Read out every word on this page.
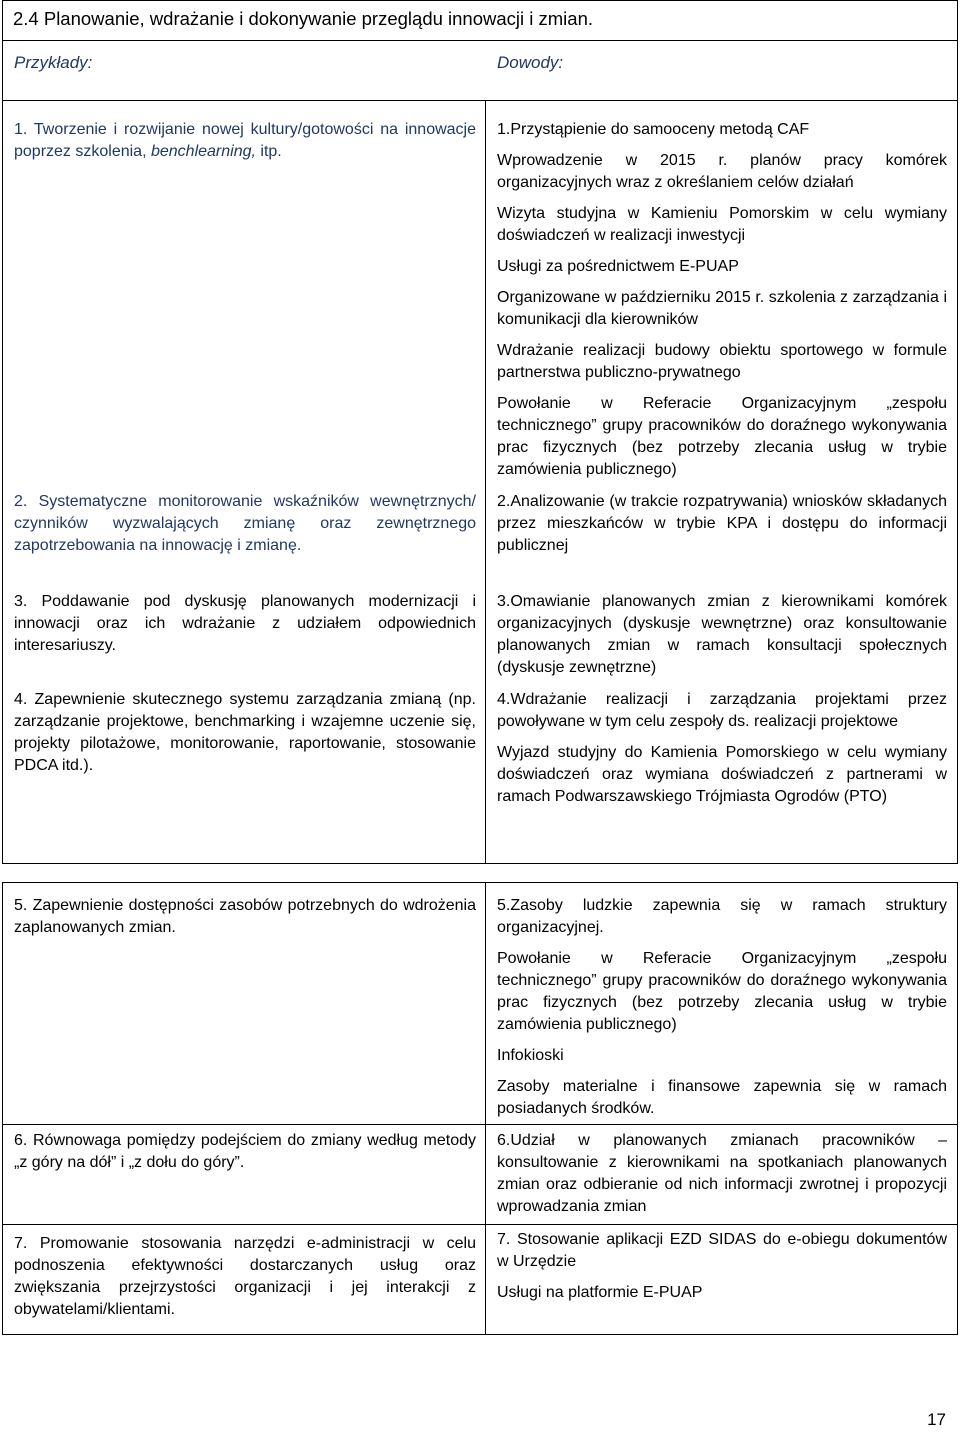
2.4 Planowanie, wdrażanie i dokonywanie przeglądu innowacji i zmian.
Przykłady:	Dowody:

1. Tworzenie i rozwijanie nowej kultury/gotowości na innowacje poprzez szkolenia, benchlearning, itp.

2. Systematyczne monitorowanie wskaźników wewnętrznych/ czynników wyzwalających zmianę oraz zewnętrznego zapotrzebowania na innowację i zmianę.

3. Poddawanie pod dyskusję planowanych modernizacji i innowacji oraz ich wdrażanie z udziałem odpowiednich interesariuszy.

4. Zapewnienie skutecznego systemu zarządzania zmianą (np. zarządzanie projektowe, benchmarking i wzajemne uczenie się, projekty pilotażowe, monitorowanie, raportowanie, stosowanie PDCA itd.).

5. Zapewnienie dostępności zasobów potrzebnych do wdrożenia zaplanowanych zmian.

6. Równowaga pomiędzy podejściem do zmiany według metody „z góry na dół” i „z dołu do góry”.

7. Promowanie stosowania narzędzi e-administracji w celu podnoszenia efektywności dostarczanych usług oraz zwiększania przejrzystości organizacji i jej interakcji z obywatelami/klientami.

1.Przystąpienie do samooceny metodą CAF

Wprowadzenie w 2015 r. planów pracy komórek organizacyjnych wraz z określaniem celów działań

Wizyta studyjna w Kamieniu Pomorskim w celu wymiany doświadczeń w realizacji inwestycji

Usługi za pośrednictwem E-PUAP

Organizowane w październiku 2015 r. szkolenia z zarządzania i komunikacji dla kierowników

Wdrażanie realizacji budowy obiektu sportowego w formule partnerstwa publiczno-prywatnego

Powołanie w Referacie Organizacyjnym „zespołu technicznego” grupy pracowników do doraźnego wykonywania prac fizycznych (bez potrzeby zlecania usług w trybie zamówienia publicznego)

2.Analizowanie (w trakcie rozpatrywania) wniosków składanych przez mieszkańców w trybie KPA i dostępu do informacji publicznej

3.Omawianie planowanych zmian z kierownikami komórek organizacyjnych (dyskusje wewnętrzne) oraz konsultowanie planowanych zmian w ramach konsultacji społecznych (dyskusje zewnętrzne)

4.Wdrażanie realizacji i zarządzania projektami przez powoływane w tym celu zespoły ds. realizacji projektowe

Wyjazd studyjny do Kamienia Pomorskiego w celu wymiany doświadczeń oraz wymiana doświadczeń z partnerami w ramach Podwarszawskiego Trójmiasta Ogrodów (PTO)

5.Zasoby ludzkie zapewnia się w ramach struktury organizacyjnej.

Powołanie w Referacie Organizacyjnym „zespołu technicznego” grupy pracowników do doraźnego wykonywania prac fizycznych (bez potrzeby zlecania usług w trybie zamówienia publicznego)

Infokioski

Zasoby materialne i finansowe zapewnia się w ramach posiadanych środków.

6.Udział w planowanych zmianach pracowników – konsultowanie z kierownikami na spotkaniach planowanych zmian oraz odbieranie od nich informacji zwrotnej i propozycji wprowadzania zmian

7. Stosowanie aplikacji EZD SIDAS do e-obiegu dokumentów w Urzędzie

Usługi na platformie E-PUAP

17
